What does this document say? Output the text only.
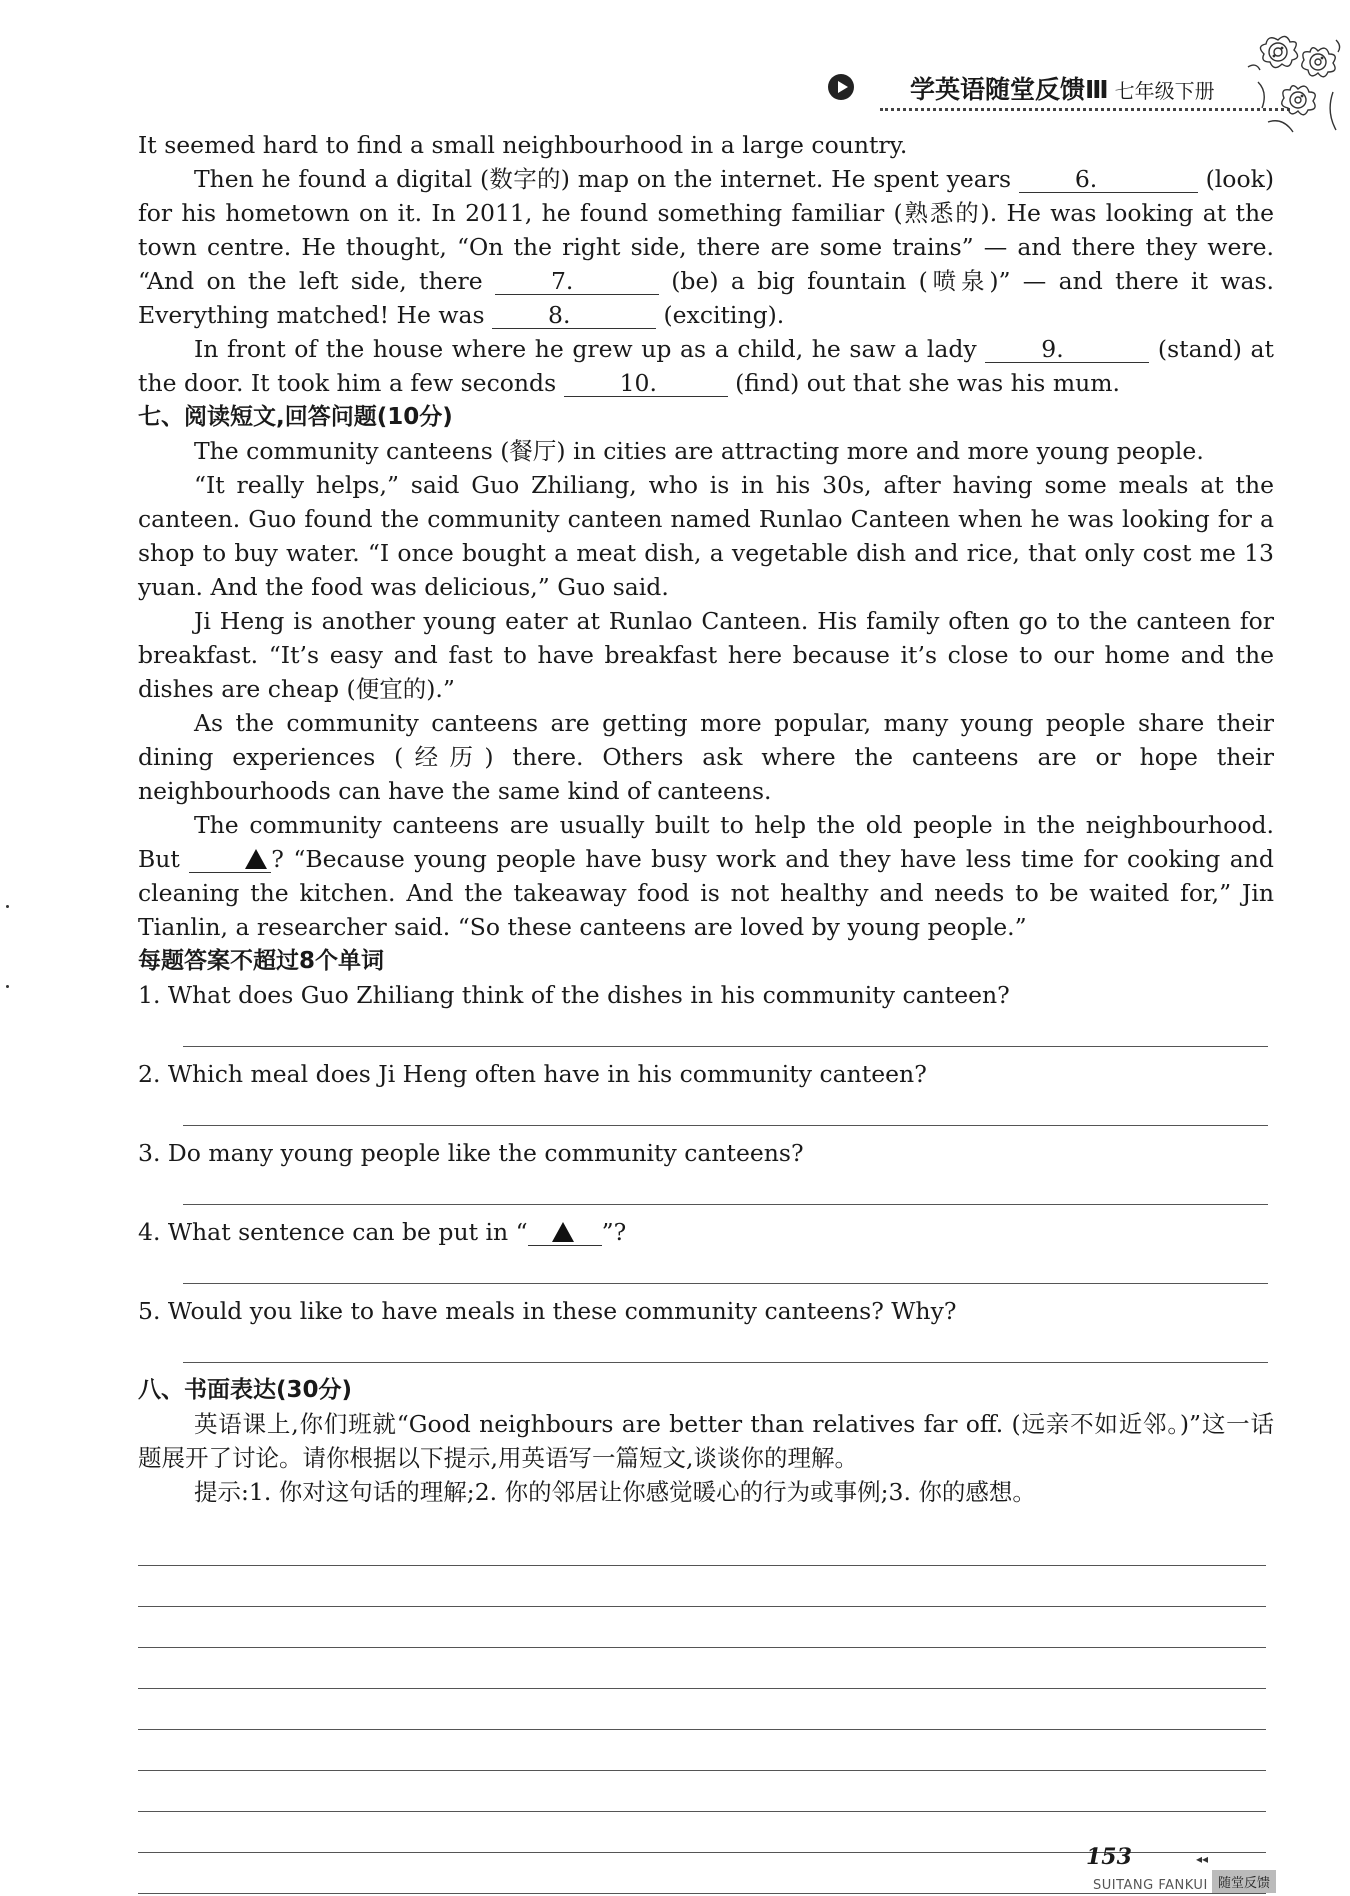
学英语随堂反馈Ⅲ 七年级下册

It seemed hard to find a small neighbourhood in a large country.

Then he found a digital (数字的) map on the internet. He spent years 6.	(look) for his hometown on it. In 2011, he found something familiar (熟悉的). He was looking at the town centre. He thought, “On the right side, there are some trains” — and there they were. “And on the left side, there 7.	(be) a big fountain (喷泉)” — and there it was. Everything matched! He was 8.	(exciting).

In front of the house where he grew up as a child, he saw a lady 9.	(stand) at the door. It took him a few seconds 10.	(find) out that she was his mum.

七、阅读短文,回答问题(10分)

The community canteens (餐厅) in cities are attracting more and more young people.

“It really helps,” said Guo Zhiliang, who is in his 30s, after having some meals at the canteen. Guo found the community canteen named Runlao Canteen when he was looking for a shop to buy water. “I once bought a meat dish, a vegetable dish and rice, that only cost me 13 yuan. And the food was delicious,” Guo said.

Ji Heng is another young eater at Runlao Canteen. His family often go to the canteen for breakfast. “It’s easy and fast to have breakfast here because it’s close to our home and the dishes are cheap (便宜的).”

As the community canteens are getting more popular, many young people share their dining experiences (经历) there. Others ask where the canteens are or hope their neighbourhoods can have the same kind of canteens.

The community canteens are usually built to help the old people in the neighbourhood. But	? “Because young people have busy work and they have less time for cooking and cleaning the kitchen. And the takeaway food is not healthy and needs to be waited for,” Jin Tianlin, a researcher said. “So these canteens are loved by young people.”

每题答案不超过8个单词

1. What does Guo Zhiliang think of the dishes in his community canteen?

2. Which meal does Ji Heng often have in his community canteen?

3. Do many young people like the community canteens?

4. What sentence can be put in “	”?

5. Would you like to have meals in these community canteens? Why?

八、书面表达(30分)

英语课上,你们班就“Good neighbours are better than relatives far off. (远亲不如近邻。)”这一话题展开了讨论。请你根据以下提示,用英语写一篇短文,谈谈你的理解。

提示:1. 你对这句话的理解;2. 你的邻居让你感觉暖心的行为或事例;3. 你的感想。

153	◂◂
SUITANG FANKUI 随堂反馈
